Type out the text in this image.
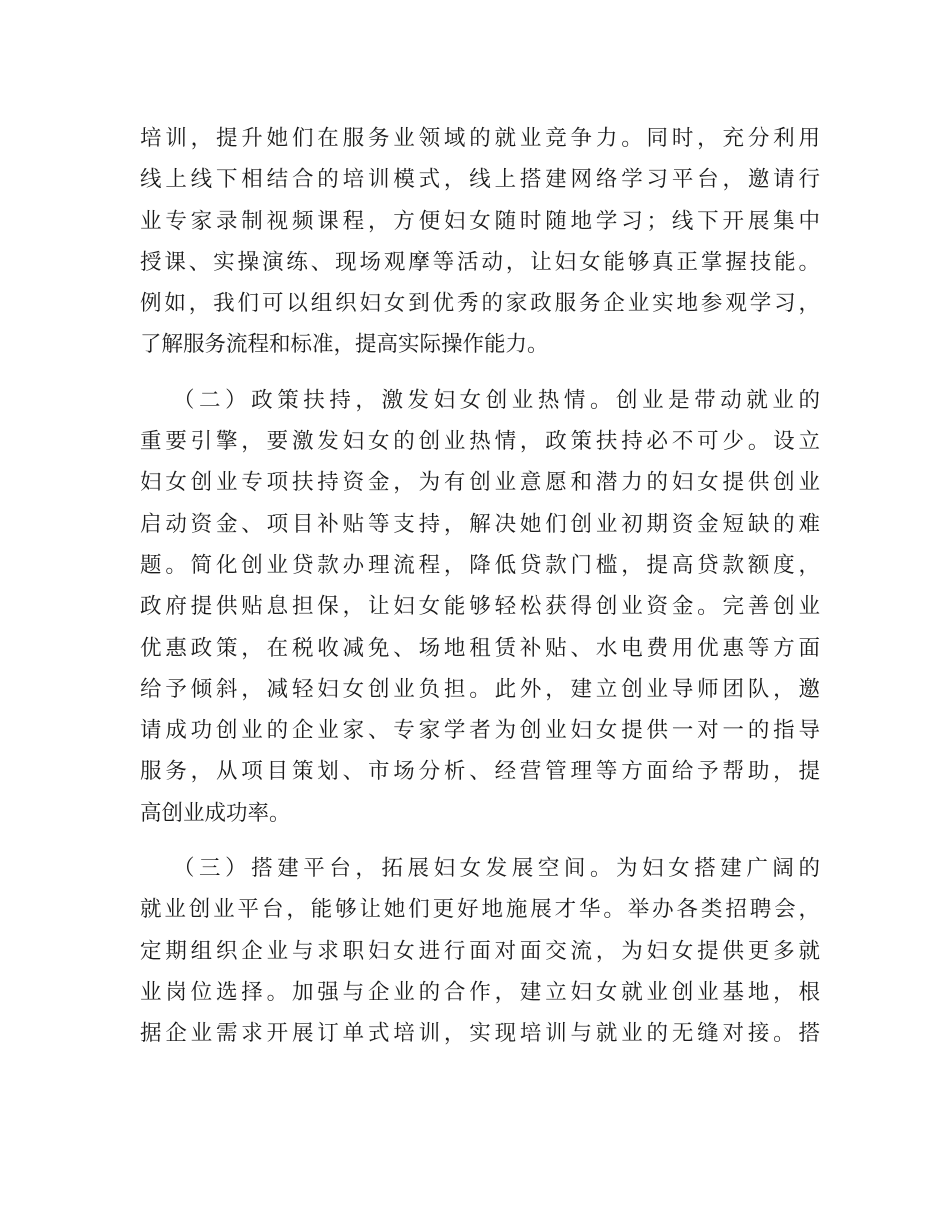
培训，提升她们在服务业领域的就业竞争力。同时，充分利用
线上线下相结合的培训模式，线上搭建网络学习平台，邀请行
业专家录制视频课程，方便妇女随时随地学习；线下开展集中
授课、实操演练、现场观摩等活动，让妇女能够真正掌握技能。
例如，我们可以组织妇女到优秀的家政服务企业实地参观学习，
了解服务流程和标准，提高实际操作能力。
（二）政策扶持，激发妇女创业热情。创业是带动就业的
重要引擎，要激发妇女的创业热情，政策扶持必不可少。设立
妇女创业专项扶持资金，为有创业意愿和潜力的妇女提供创业
启动资金、项目补贴等支持，解决她们创业初期资金短缺的难
题。简化创业贷款办理流程，降低贷款门槛，提高贷款额度，
政府提供贴息担保，让妇女能够轻松获得创业资金。完善创业
优惠政策，在税收减免、场地租赁补贴、水电费用优惠等方面
给予倾斜，减轻妇女创业负担。此外，建立创业导师团队，邀
请成功创业的企业家、专家学者为创业妇女提供一对一的指导
服务，从项目策划、市场分析、经营管理等方面给予帮助，提
高创业成功率。
（三）搭建平台，拓展妇女发展空间。为妇女搭建广阔的
就业创业平台，能够让她们更好地施展才华。举办各类招聘会，
定期组织企业与求职妇女进行面对面交流，为妇女提供更多就
业岗位选择。加强与企业的合作，建立妇女就业创业基地，根
据企业需求开展订单式培训，实现培训与就业的无缝对接。搭
